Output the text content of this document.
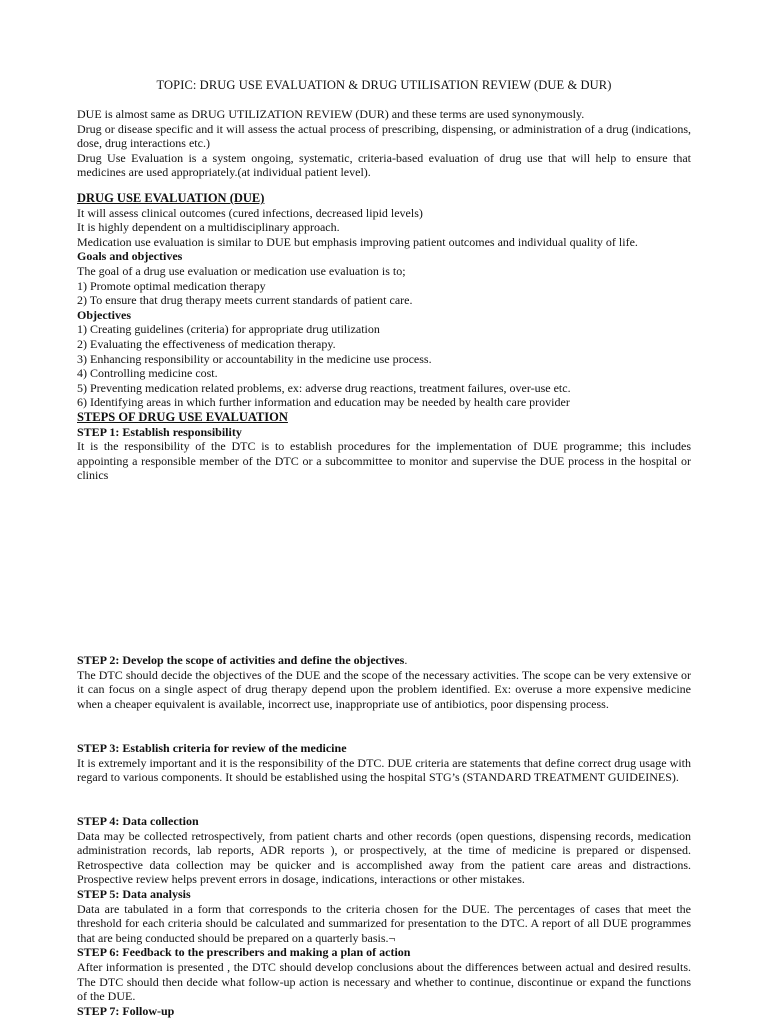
TOPIC: DRUG USE EVALUATION & DRUG UTILISATION REVIEW (DUE & DUR)

DUE is almost same as DRUG UTILIZATION REVIEW (DUR) and these terms are used synonymously.

Drug or disease specific and it will assess the actual process of prescribing, dispensing, or administration of a drug (indications, dose, drug interactions etc.)

Drug Use Evaluation is a system ongoing, systematic, criteria-based evaluation of drug use that will help to ensure that medicines are used appropriately.(at individual patient level).

DRUG USE EVALUATION (DUE)

It will assess clinical outcomes (cured infections, decreased lipid levels)

It is highly dependent on a multidisciplinary approach.

Medication use evaluation is similar to DUE but emphasis improving patient outcomes and individual quality of life.

Goals and objectives

The goal of a drug use evaluation or medication use evaluation is to;

1) Promote optimal medication therapy

2) To ensure that drug therapy meets current standards of patient care.

Objectives

1) Creating guidelines (criteria) for appropriate drug utilization

2) Evaluating the effectiveness of medication therapy.

3) Enhancing responsibility or accountability in the medicine use process.

4) Controlling medicine cost.

5) Preventing medication related problems, ex: adverse drug reactions, treatment failures, over-use etc.

6) Identifying areas in which further information and education may be needed by health care provider

STEPS OF DRUG USE EVALUATION

STEP 1: Establish responsibility

It is the responsibility of the DTC is to establish procedures for the implementation of DUE programme; this includes appointing a responsible member of the DTC or a subcommittee to monitor and supervise the DUE process in the hospital or clinics

STEP 2: Develop the scope of activities and define the objectives.

The DTC should decide the objectives of the DUE and the scope of the necessary activities. The scope can be very extensive or it can focus on a single aspect of drug therapy depend upon the problem identified. Ex: overuse a more expensive medicine when a cheaper equivalent is available, incorrect use, inappropriate use of antibiotics, poor dispensing process.

STEP 3: Establish criteria for review of the medicine

It is extremely important and it is the responsibility of the DTC. DUE criteria are statements that define correct drug usage with regard to various components. It should be established using the hospital STG’s (STANDARD TREATMENT GUIDEINES).

STEP 4: Data collection

Data may be collected retrospectively, from patient charts and other records (open questions, dispensing records, medication administration records, lab reports, ADR reports ), or prospectively, at the time of medicine is prepared or dispensed. Retrospective data collection may be quicker and is accomplished away from the patient care areas and distractions. Prospective review helps prevent errors in dosage, indications, interactions or other mistakes.

STEP 5: Data analysis

Data are tabulated in a form that corresponds to the criteria chosen for the DUE. The percentages of cases that meet the threshold for each criteria should be calculated and summarized for presentation to the DTC. A report of all DUE programmes that are being conducted should be prepared on a quarterly basis.¬

STEP 6: Feedback to the prescribers and making a plan of action

After information is presented , the DTC should develop conclusions about the differences between actual and desired results. The DTC should then decide what follow-up action is necessary and whether to continue, discontinue or expand the functions of the DUE.

STEP 7: Follow-up
